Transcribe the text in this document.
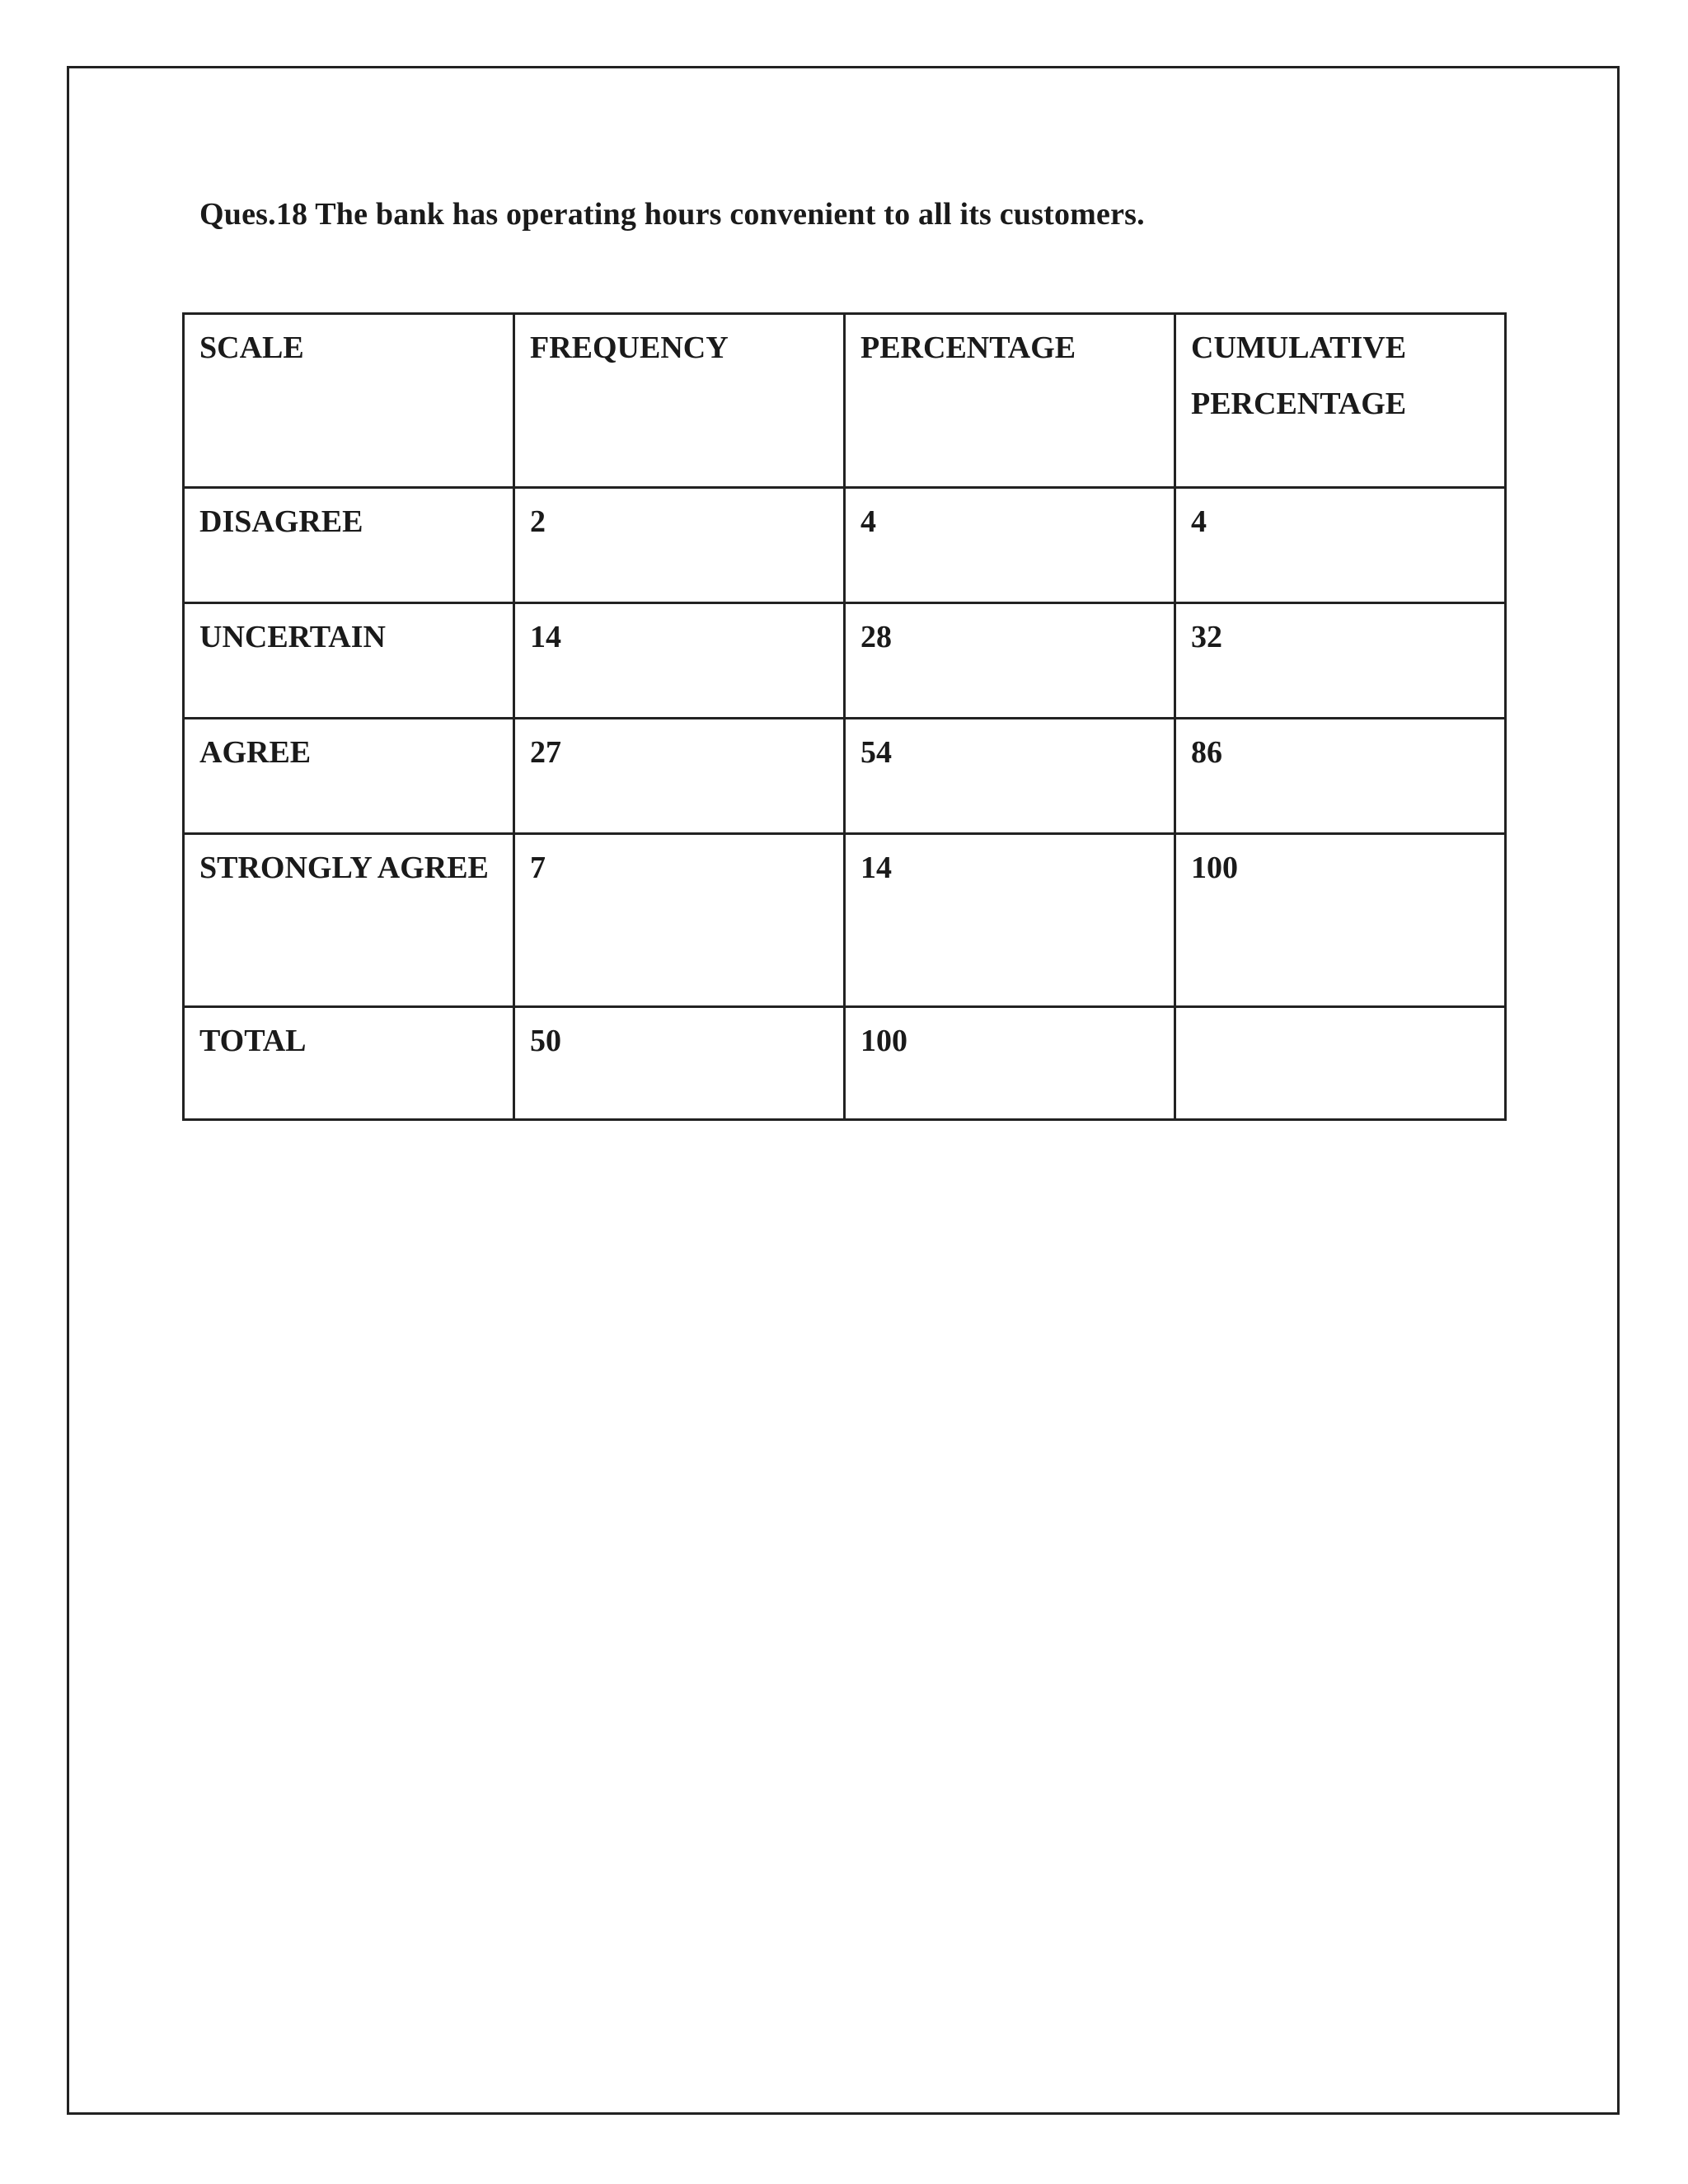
Ques.18 The bank has operating hours convenient to all its customers.
SCALE	FREQUENCY	PERCENTAGE	CUMULATIVE PERCENTAGE
DISAGREE	2	4	4
UNCERTAIN	14	28	32
AGREE	27	54	86
STRONGLY AGREE	7	14	100
TOTAL	50	100	
